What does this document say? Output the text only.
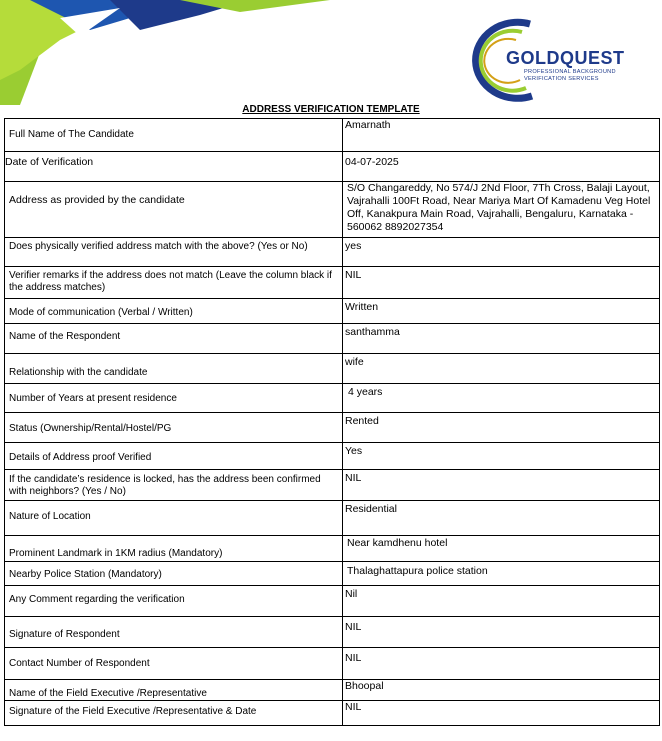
GOLDQUEST
PROFESSIONAL BACKGROUND
VERIFICATION SERVICES
ADDRESS VERIFICATION TEMPLATE
Full Name of The Candidate	Amarnath

Date of Verification	04-07-2025

Address as provided by the candidate	S/O Changareddy, No 574/J 2Nd Floor, 7Th Cross, Balaji Layout, Vajrahalli 100Ft Road, Near Mariya Mart Of Kamadenu Veg Hotel Off, Kanakpura Main Road, Vajrahalli, Bengaluru, Karnataka - 560062 8892027354

Does physically verified address match with the above? (Yes or No)	yes

Verifier remarks if the address does not match (Leave the column black if the address matches)	NIL

Mode of communication (Verbal / Written)	Written

Name of the Respondent	santhamma

Relationship with the candidate	wife

Number of Years at present residence	4 years

Status (Ownership/Rental/Hostel/PG	Rented

Details of Address proof Verified	Yes

If the candidate’s residence is locked, has the address been confirmed with neighbors? (Yes / No)	NIL

Nature of Location	Residential

Prominent Landmark in 1KM radius (Mandatory)	Near kamdhenu hotel

Nearby Police Station (Mandatory)	Thalaghattapura police station

Any Comment regarding the verification	Nil

Signature of Respondent	NIL

Contact Number of Respondent	NIL

Name of the Field Executive /Representative	Bhoopal

Signature of the Field Executive /Representative & Date	NIL
